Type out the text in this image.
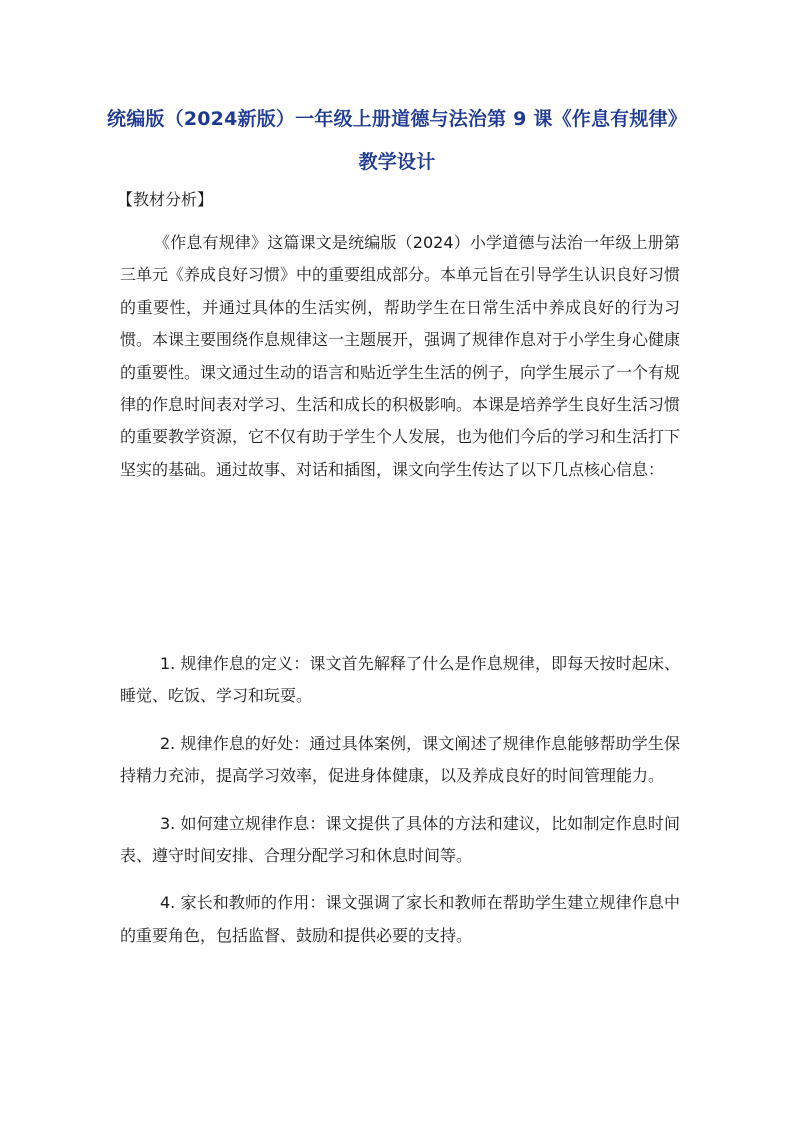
统编版（2024新版）一年级上册道德与法治第 9 课《作息有规律》
教学设计
【教材分析】
《作息有规律》这篇课文是统编版（2024）小学道德与法治一年级上册第三单元《养成良好习惯》中的重要组成部分。本单元旨在引导学生认识良好习惯的重要性，并通过具体的生活实例，帮助学生在日常生活中养成良好的行为习惯。本课主要围绕作息规律这一主题展开，强调了规律作息对于小学生身心健康的重要性。课文通过生动的语言和贴近学生生活的例子，向学生展示了一个有规律的作息时间表对学习、生活和成长的积极影响。本课是培养学生良好生活习惯的重要教学资源，它不仅有助于学生个人发展，也为他们今后的学习和生活打下坚实的基础。通过故事、对话和插图，课文向学生传达了以下几点核心信息：
1. 规律作息的定义：课文首先解释了什么是作息规律，即每天按时起床、睡觉、吃饭、学习和玩耍。
2. 规律作息的好处：通过具体案例，课文阐述了规律作息能够帮助学生保持精力充沛，提高学习效率，促进身体健康，以及养成良好的时间管理能力。
3. 如何建立规律作息：课文提供了具体的方法和建议，比如制定作息时间表、遵守时间安排、合理分配学习和休息时间等。
4. 家长和教师的作用：课文强调了家长和教师在帮助学生建立规律作息中的重要角色，包括监督、鼓励和提供必要的支持。
